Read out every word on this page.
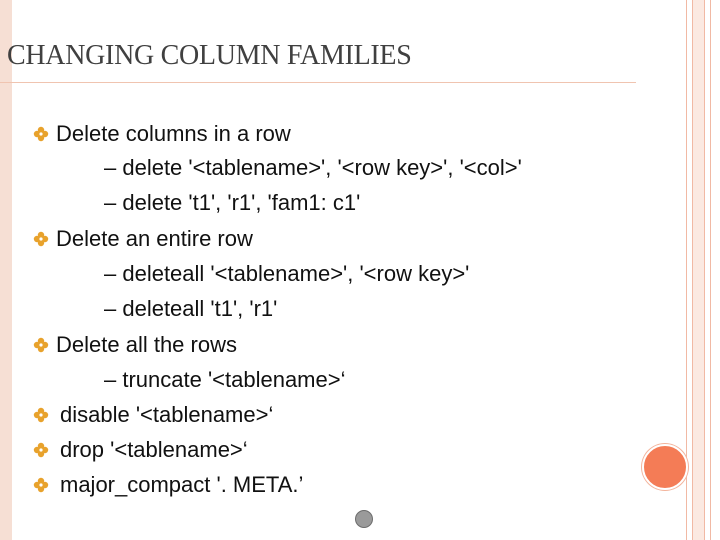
CHANGING COLUMN FAMILIES
Delete columns in a row
– delete '<tablename>', '<row key>', '<col>'
– delete 't1', 'r1', 'fam1: c1'
Delete an entire row
– deleteall '<tablename>', '<row key>'
– deleteall 't1', 'r1'
Delete all the rows
– truncate '<tablename>‘
disable '<tablename>‘
drop '<tablename>‘
major_compact '. META.’
